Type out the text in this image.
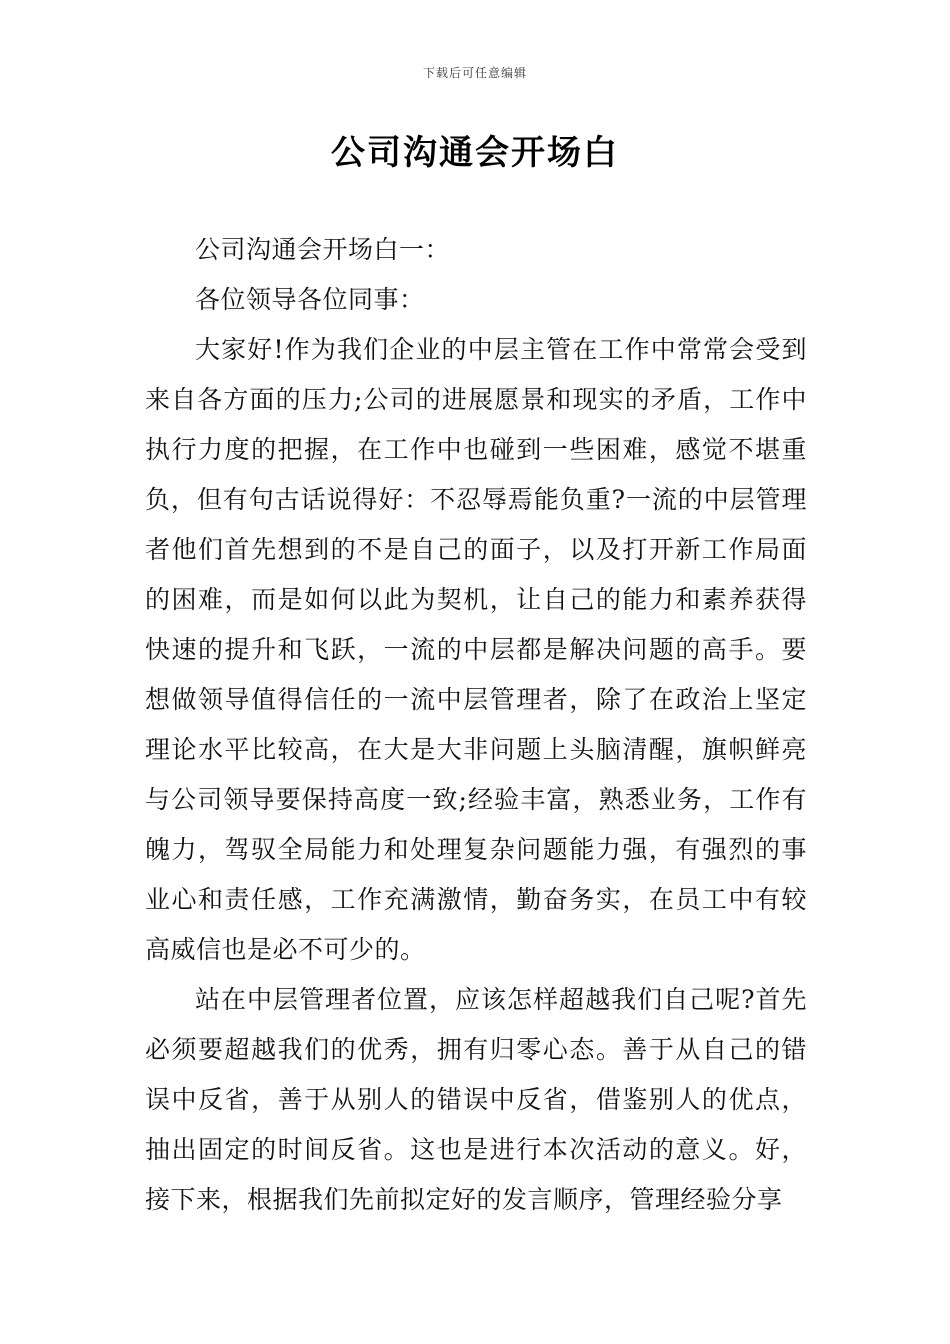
下载后可任意编辑
公司沟通会开场白

公司沟通会开场白一：

各位领导各位同事：

大家好!作为我们企业的中层主管在工作中常常会受到来自各方面的压力;公司的进展愿景和现实的矛盾，工作中执行力度的把握，在工作中也碰到一些困难，感觉不堪重负，但有句古话说得好：不忍辱焉能负重?一流的中层管理者他们首先想到的不是自己的面子，以及打开新工作局面的困难，而是如何以此为契机，让自己的能力和素养获得快速的提升和飞跃，一流的中层都是解决问题的高手。要想做领导值得信任的一流中层管理者，除了在政治上坚定理论水平比较高，在大是大非问题上头脑清醒，旗帜鲜亮与公司领导要保持高度一致;经验丰富，熟悉业务，工作有魄力，驾驭全局能力和处理复杂问题能力强，有强烈的事业心和责任感，工作充满激情，勤奋务实，在员工中有较高威信也是必不可少的。

站在中层管理者位置，应该怎样超越我们自己呢?首先必须要超越我们的优秀，拥有归零心态。善于从自己的错误中反省，善于从别人的错误中反省，借鉴别人的优点，抽出固定的时间反省。这也是进行本次活动的意义。好，接下来，根据我们先前拟定好的发言顺序，管理经验分享
